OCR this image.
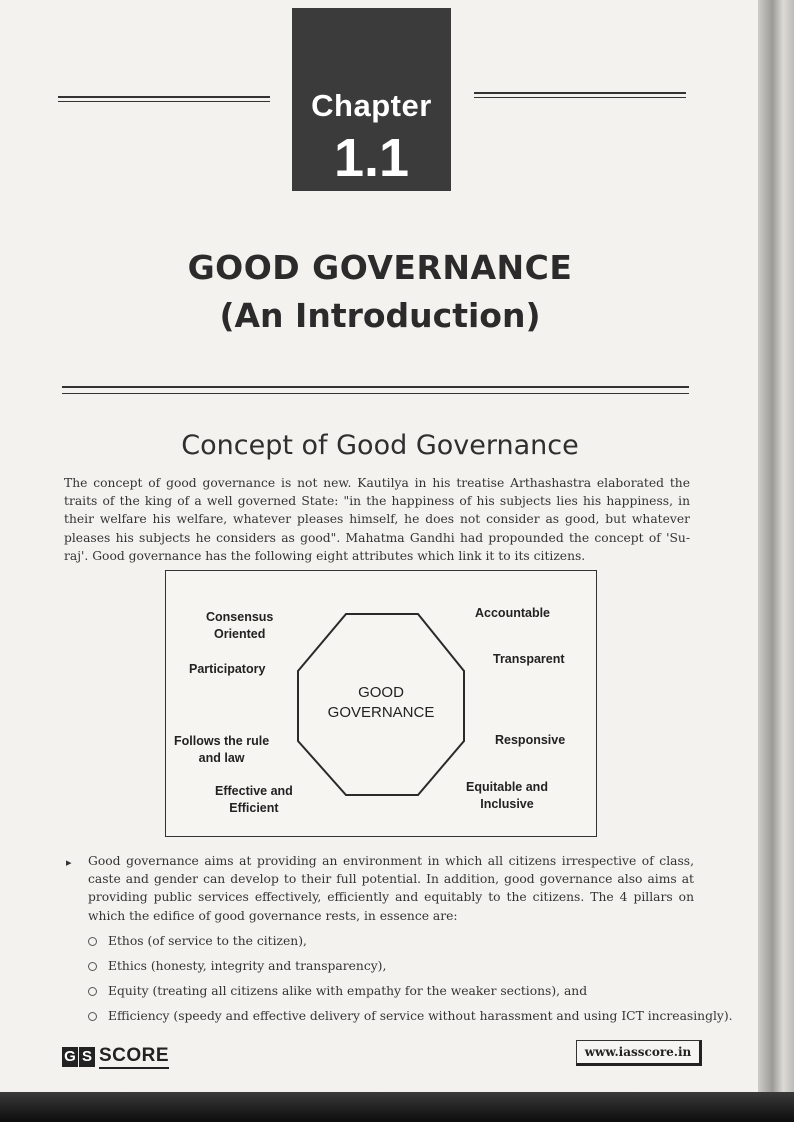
Chapter
1.1
GOOD GOVERNANCE
(An Introduction)
Concept of Good Governance

The concept of good governance is not new. Kautilya in his treatise Arthashastra elaborated the traits of the king of a well governed State: "in the happiness of his subjects lies his happiness, in their welfare his welfare, whatever pleases himself, he does not consider as good, but whatever pleases his subjects he considers as good". Mahatma Gandhi had propounded the concept of 'Su-raj'. Good governance has the following eight attributes which link it to its citizens.

GOOD
GOVERNANCE
Consensus
Oriented
Accountable
Participatory
Transparent
Follows the rule
and law
Responsive
Effective and
Efficient
Equitable and
Inclusive
▸ Good governance aims at providing an environment in which all citizens irrespective of class, caste and gender can develop to their full potential. In addition, good governance also aims at providing public services effectively, efficiently and equitably to the citizens. The 4 pillars on which the edifice of good governance rests, in essence are:

Ethos (of service to the citizen),
Ethics (honesty, integrity and transparency),
Equity (treating all citizens alike with empathy for the weaker sections), and
Efficiency (speedy and effective delivery of service without harassment and using ICT increasingly).
G S SCORE	www.iasscore.in
